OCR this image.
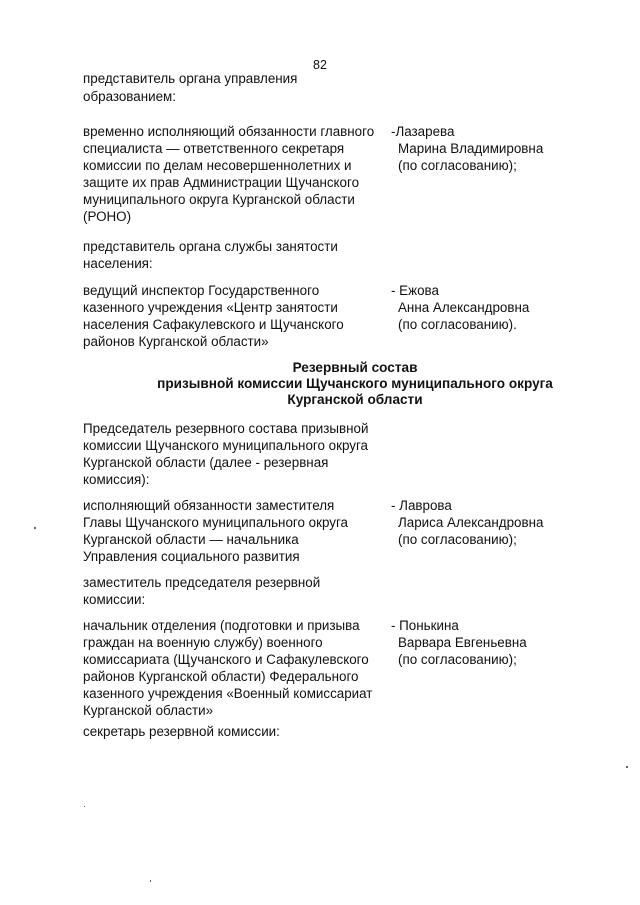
82
представитель органа управления
образованием:
временно исполняющий обязанности главного
специалиста — ответственного секретаря
комиссии по делам несовершеннолетних и
защите их прав Администрации Щучанского
муниципального округа Курганской области
(РОНО)
-Лазарева
Марина Владимировна
(по согласованию);
представитель органа службы занятости
населения:
ведущий инспектор Государственного
казенного учреждения «Центр занятости
населения Сафакулевского и Щучанского
районов Курганской области»
- Ежова
Анна Александровна
(по согласованию).
Резервный состав
призывной комиссии Щучанского муниципального округа
Курганской области
Председатель резервного состава призывной
комиссии Щучанского муниципального округа
Курганской области (далее - резервная
комиссия):
исполняющий обязанности заместителя
Главы Щучанского муниципального округа
Курганской области — начальника
Управления социального развития
- Лаврова
Лариса Александровна
(по согласованию);
заместитель председателя резервной
комиссии:
начальник отделения (подготовки и призыва
граждан на военную службу) военного
комиссариата (Щучанского и Сафакулевского
районов Курганской области) Федерального
казенного учреждения «Военный комиссариат
Курганской области»
- Понькина
Варвара Евгеньевна
(по согласованию);
секретарь резервной комиссии:
